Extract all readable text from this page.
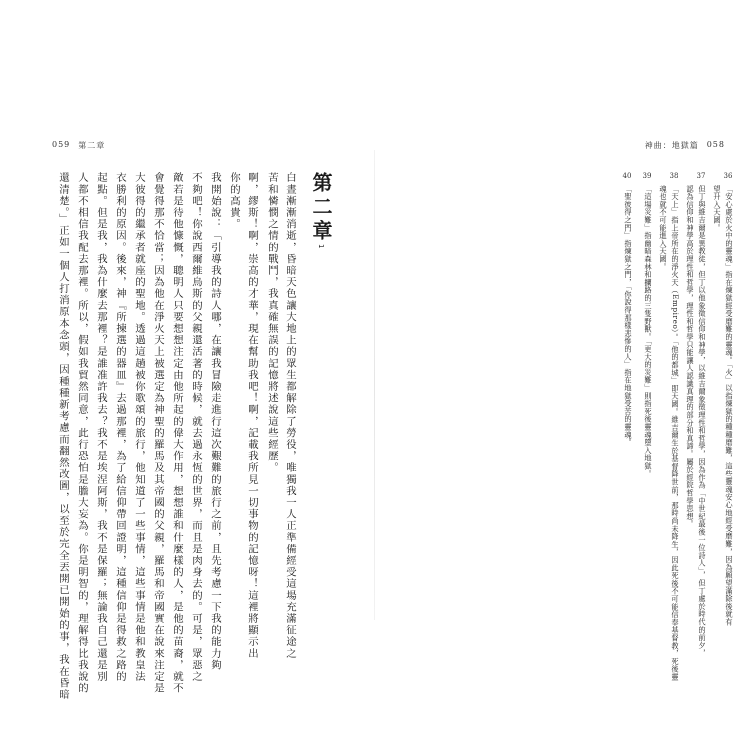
059 第二章
第二章1
白晝漸漸消逝，昏暗天色讓大地上的眾生都解除了勞役，唯獨我一人正準備經受這場充滿征途之
苦和憐憫之情的戰鬥，我真確無誤的記憶將述說這些經歷。
啊，繆斯！啊，崇高的才華，現在幫助我吧！啊，記載我所見一切事物的記憶呀！這裡將顯示出
你的高貴。
我開始說：「引導我的詩人哪，在讓我冒險走進行這次艱難的旅行之前，且先考慮一下我的能力夠
不夠吧！你說西爾維烏斯的父親還活著的時候，就去過永恆的世界，而且是肉身去的。可是，眾惡之
敵若是待他慷慨，聰明人只要想想注定由他所起的偉大作用，想想誰和什麼樣的人，是他的苗裔，就不
會覺得那不恰當；因為他在淨火天上被選定為神聖的羅馬及其帝國的父親，羅馬和帝國實在說來注定是
大彼得的繼承者就座的聖地。透過這趟被你歌頌的旅行，他知道了一些事情，這些事情是他和教皇法
衣勝利的原因。後來，神『所揀選的器皿』去過那裡，為了給信仰帶回證明，這種信仰是得救之路的
起點。但是我，我為什麼去那裡？是誰准許我去？我不是埃涅阿斯，我不是保羅；無論我自己還是別
人都不相信我配去那裡。所以，假如我貿然同意，此行恐怕是膽大妄為。你是明智的，理解得比我說的
還清楚。」正如一個人打消原本念頭，因種種新考慮而翻然改圖，以至於完全丟開已開始的事，我在昏暗
神曲：地獄篇 058
36
「安心處於火中的靈魂」指在煉獄經受磨難的靈魂。「火」以指煉獄的種種磨難，這些靈魂安心地經受磨難，因為願望滿除後就有
望升入天國。
37
但丁與維吉爾是異教徒，但丁以他象徵信仰和神學，以維吉爾象徵理性和哲學，因為作為「中世紀最後一位詩人」，但丁處於時代的前夕，
認為信仰和神學高於理性和哲學，理性和哲學只能讓人認識真理的部分和真諦。屬於經院哲學思想。
38
「天上」指上帝所在的淨火天（Empireo）。「他的都城」即天國。維吉爾生於基督降世前，那時尚未降生，因此死後不可能信奉基督教，死後靈
魂也就不可能進入天國。
39
「這場災難」指幽暗森林和攔路的三隻野獸。「更大的災難」則指死後靈魂墮入地獄。
40
「聖彼得之門」指煉獄之門，「你說得那樣悲慘的人」指在地獄受苦的靈魂。
